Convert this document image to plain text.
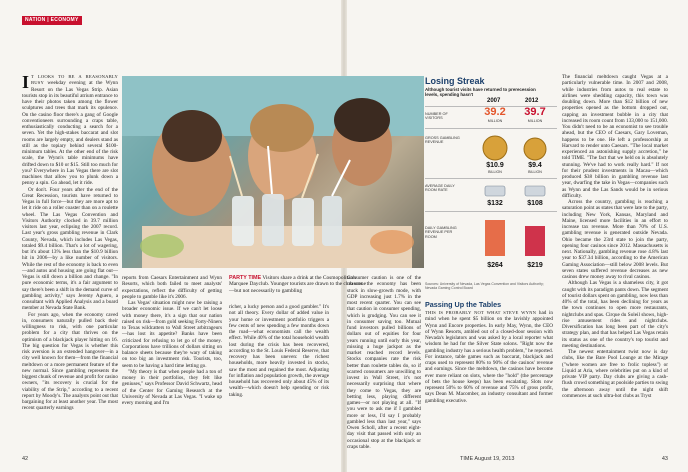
NATION | ECONOMY

I T LOOKS TO BE A REASONABLY BUSY weekday evening at the Wynn Resort on the Las Vegas Strip. Asian tourists stop in its beautiful atrium entrance to have their photos taken among the flower sculptures and trees that mark its opulence. On the casino floor there's a gang of Google conventioneers surrounding a craps table, enthusiastically conducting a search for a seven. Yet the high-stakes baccarat and slot rooms are largely empty, and dealers stand as still as the topiary behind several $100-minimum tables. At the other end of the risk scale, the Wynn's table minimums have drifted down to $10 or $15. Still too much for you? Everywhere in Las Vegas there are slot machines that allow you to plunk down a penny a spin. Go ahead, let it ride.

Or don't. Four years after the end of the Great Recession, tourists have returned to Vegas in full force—but they are more apt to let it ride on a roller coaster than on a roulette wheel. The Las Vegas Convention and Visitors Authority clocked in 39.7 million visitors last year, eclipsing the 2007 record. Last year's gross gambling revenue in Clark County, Nevada, which includes Las Vegas, totaled $9.4 billion. That's a lot of wagering, but it's about 13% less than the $10.9 billion hit in 2006—by a like number of visitors. While the rest of the economy is back to even—and autos and housing are going flat out—Vegas is still down a billion and change. "In pure economic terms, it's a fair argument to say there's been a shift in the demand curve of gambling activity," says Jeremy Aguero, a consultant with Applied Analysis and a board member at Nevada State Bank.

For years ago, when the economy caved in, consumers naturally pulled back their willingness to risk, with one particular problem for a city that thrives on the optimism of a blackjack player hitting on 16. The big question for Vegas is whether this risk aversion is an extended hangover—in a city well known for them—from the financial meltdown or a more permanent feature of the new normal. Since gambling represents the biggest chunk of revenue and profit for casino owners, "its recovery is crucial for the viability of the Strip," according to a recent report by Moody's. The analysts point out that bargaining for at least another year. The most recent quarterly earnings

reports from Caesars Entertainment and Wynn Resorts, which both failed to meet analysts' expectations, reflect the difficulty of getting people to gamble like it's 2006.

Las Vegas' situation might now be raising a broader economic issue. If we can't let loose with money there, it's a sign that our nation raised on risk—from gold seeking Forty-Niners to Texas wildcatters to Wall Street arbitrageurs—has lost its appetite? Banks have been criticized for refusing to let go of the money. Corporations have trillions of dollars sitting on balance sheets because they're wary of taking on too big an investment risk. Tourists, too, seem to be having a hard time letting go.

"My theory is that when people had a ton of money in their portfolios, they felt like geniuses," says Professor David Schwartz, head of the Center for Gaming Research at the University of Nevada at Las Vegas. "I wake up every morning and I'm

PARTY TIME Visitors share a drink at the Cosmopolitan's Marquee Dayclub. Younger tourists are drawn to the club scene—but not necessarily to gambling

richer, a lucky person and a good gambler." It's not all theory. Every dollar of added value in your home or investment portfolio triggers a few cents of new spending a few months down the road—what economists call the wealth effect. While 40% of the total household wealth lost during the crisis has been recovered, according to the St. Louis Federal Reserve, that recovery has been uneven: the richest households, more heavily invested in stocks, saw the most and regained the most. Adjusting for inflation and population growth, the average household has recovered only about 45% of its wealth—which doesn't help spending or risk taking.

42

Consumer caution is one of the reasons the economy has been stuck in slow-growth mode, with GDP increasing just 1.7% in the most recent quarter. You can see that caution in consumer spending, which is grudging. You can see it in consumer saving too. Mutual fund investors pulled billions of dollars out of equities for four years running until early this year, missing a huge jackpot as the market reached record levels. Stocks companies rate the risk better than roulette tables do, so if scarred consumers are unwilling to invest in Wall Street, it's not necessarily surprising that where they come to Vegas, they are betting less, playing different games—or not playing at all. "If you were to ask me if I gambled more or less, I'd say I probably gambled less than last year," says Owen Scholl, after a recent eight-day visit that passed with only an occasional stop at the blackjack or craps table.

Losing Streak
Although tourist visits have returned to prerecession levels, spending hasn't
2007	2012
NUMBER OF VISITORS
39.2	39.7
MILLION	MILLION
GROSS GAMBLING REVENUE
$10.9	$9.4
BILLION	BILLION
AVERAGE DAILY ROOM RATE
$132	$108
DAILY GAMBLING REVENUE PER ROOM
$264	$219
Sources: University of Nevada, Las Vegas Convention and Visitors Authority; Nevada Gaming Control Board
Passing Up the Tables

THIS IS PROBABLY NOT WHAT STEVE WYNN had in mind when he spent $5 billion on the lavishly appointed Wynn and Encore properties. In early May, Wynn, the CEO of Wynn Resorts, ambled out of a closed-door session with Nevada's legislators and was asked by a local reporter what wisdom he had for the Silver State solons. "Right now the gambling industry has a serious health problem," he reported. For instance, table games such as baccarat, blackjack and craps used to represent 80% to 90% of the casinos' revenue and earnings. Since the meltdown, the casinos have become ever more reliant on slots, where the "hold" (the percentage of bets the house keeps) has been escalating. Slots now represent 50% to 60% of revenue and 75% of gross profit, says Dean M. Macomber, an industry consultant and former gambling executive.

The financial meltdown caught Vegas at a particularly vulnerable time. In 2007 and 2008, while industries from autos to real estate to airlines were shedding capacity, this town was doubling down. More than $12 billion of new properties opened as the bottom dropped out, capping an investment bubble in a city that increased its room count from 133,000 to 151,000. You didn't need to be an economist to see trouble ahead, but the CEO of Caesars, Gary Loveman, happens to be one. He left a professorship at Harvard to render unto Caesars. "The local market experienced an astonishing supply accretion," he told TIME. "The fact that we held on is absolutely stunning. We've had to work really hard." If not for their prudent investments in Macau—which produced $38 billion in gambling revenue last year, dwarfing the take in Vegas—companies such as Wynn and the Las Sands would be in serious difficulty.

Across the country, gambling is reaching a saturation point as states that were late to the party, including New York, Kansas, Maryland and Maine, licensed more facilities in an effort to increase tax revenue. More than 70% of U.S. gambling revenue is generated outside Nevada. Ohio became the 23rd state to join the party, opening four casinos since 2012. Massachusetts is next. Nationally, gambling revenue rose 4.8% last year to $37.34 billion, according to the American Gaming Association—still below 2008 levels. But seven states suffered revenue decreases as new casinos drew money away to rival casinos.

Although Las Vegas is a shameless city, it got caught with its paradigm pants down. The segment of tourist dollars spent on gambling, now less than 40% of the total, has been declining for years as the town continues to open more restaurants, nightclubs and spas. Cirque du Soleil shows, high-rise amusement rides and nightclubs. Diversification has long been part of the city's strategy plan, and that has helped Las Vegas retain its status as one of the country's top tourist and meeting destinations.

The newest entertainment twist now is day clubs, like the Bare Pool Lounge at the Mirage ("where women are free to frolic topless") or Liquid at Aria, where celebrities put on a kind of private VIP party. Day clubs are giving a cash-flush crowd something at poolside parties to swing the afternoon away until the night shift commences at such ultra-hot clubs as Tryst

TIME August 19, 2013	43
